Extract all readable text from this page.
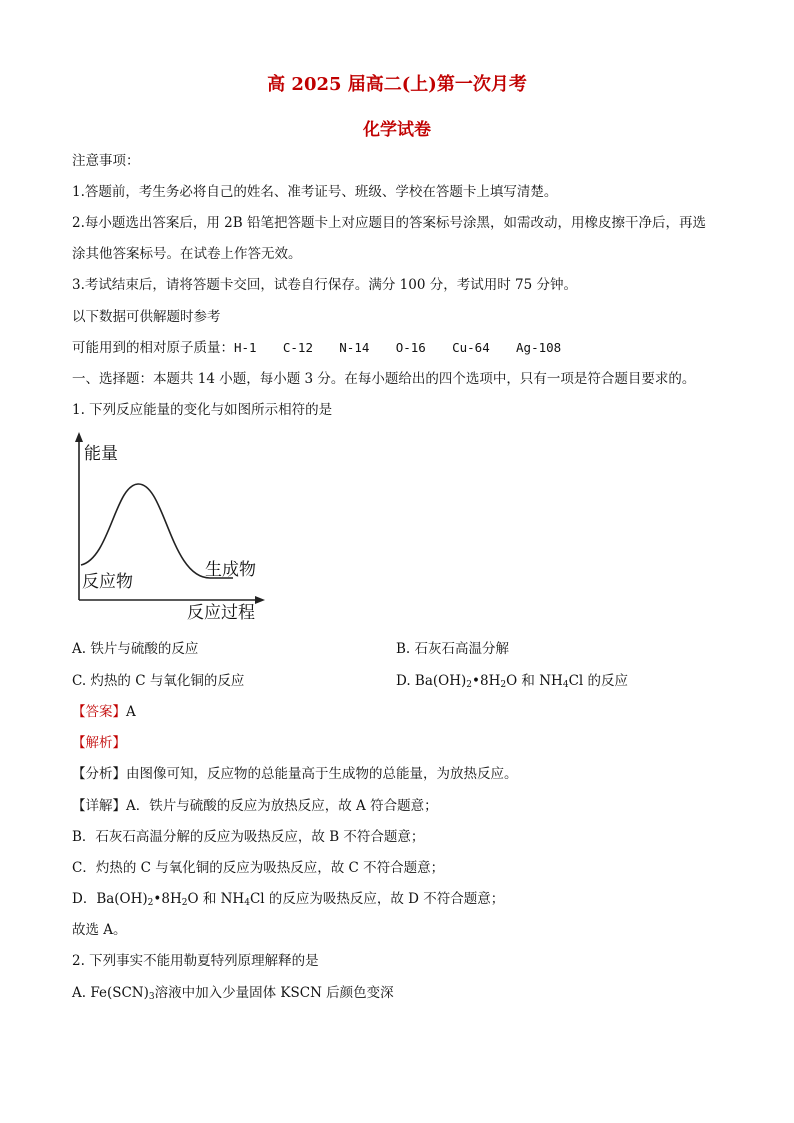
高 2025 届高二(上)第一次月考
化学试卷
注意事项：
1.答题前，考生务必将自己的姓名、准考证号、班级、学校在答题卡上填写清楚。
2.每小题选出答案后，用 2B 铅笔把答题卡上对应题目的答案标号涂黑，如需改动，用橡皮擦干净后，再选
涂其他答案标号。在试卷上作答无效。
3.考试结束后，请将答题卡交回，试卷自行保存。满分 100 分，考试用时 75 分钟。
以下数据可供解题时参考
可能用到的相对原子质量：H-1 C-12 N-14 O-16 Cu-64 Ag-108
一、选择题：本题共 14 小题，每小题 3 分。在每小题给出的四个选项中，只有一项是符合题目要求的。
1. 下列反应能量的变化与如图所示相符的是
能量
反应物
生成物
反应过程
A. 铁片与硫酸的反应	B. 石灰石高温分解
C. 灼热的 C 与氧化铜的反应	D. $Ba(OH)_2•8H_2O$ 和 $NH_4Cl$ 的反应
【答案】A
【解析】
【分析】由图像可知，反应物的总能量高于生成物的总能量，为放热反应。
【详解】A．铁片与硫酸的反应为放热反应，故 A 符合题意；
B．石灰石高温分解的反应为吸热反应，故 B 不符合题意；
C．灼热的 C 与氧化铜的反应为吸热反应，故 C 不符合题意；
D．$Ba(OH)_2•8H_2O$ 和 $NH_4Cl$ 的反应为吸热反应，故 D 不符合题意；
故选 A。
2. 下列事实不能用勒夏特列原理解释的是
A. $Fe(SCN)_3$溶液中加入少量固体 KSCN 后颜色变深
